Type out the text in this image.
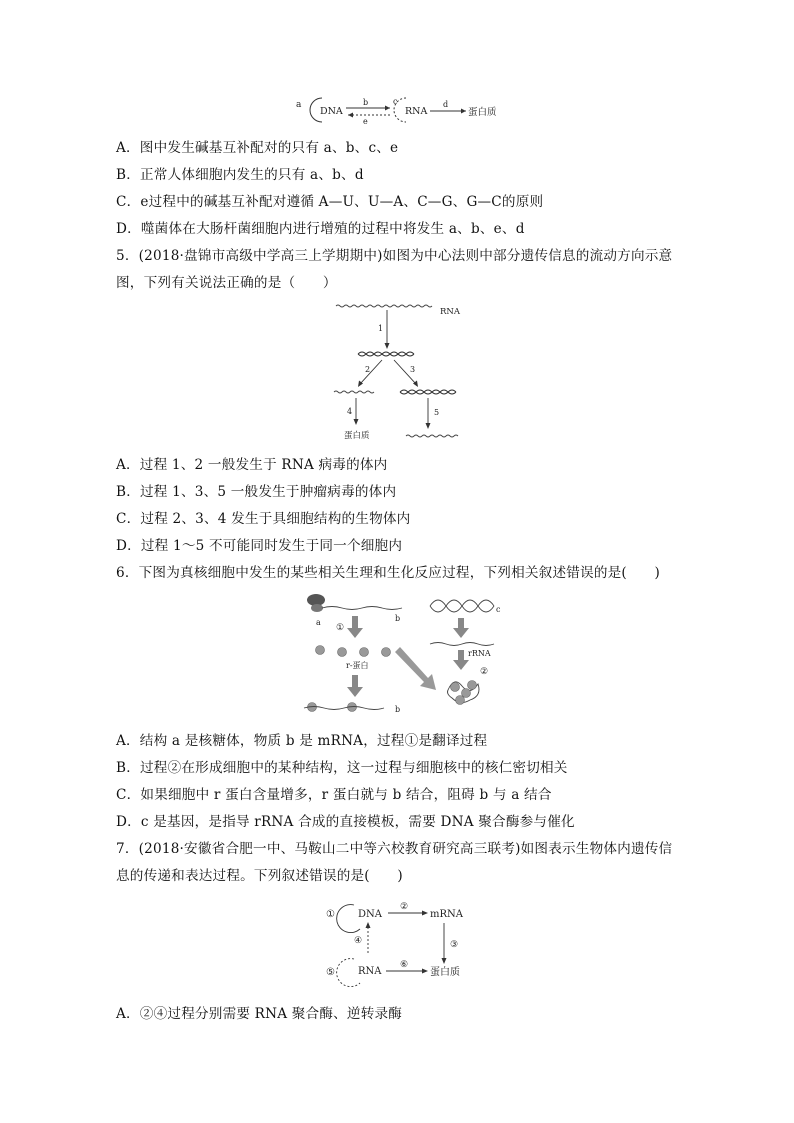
a
DNA
b
e
c
RNA
d
蛋白质
A．图中发生碱基互补配对的只有 a、b、c、e
B．正常人体细胞内发生的只有 a、b、d
C．e过程中的碱基互补配对遵循 A—U、U—A、C—G、G—C的原则
D．噬菌体在大肠杆菌细胞内进行增殖的过程中将发生 a、b、e、d
5．(2018·盘锦市高级中学高三上学期期中)如图为中心法则中部分遗传信息的流动方向示意
图，下列有关说法正确的是（　　）
RNA
1
2	3
4
蛋白质
5
A．过程 1、2 一般发生于 RNA 病毒的体内
B．过程 1、3、5 一般发生于肿瘤病毒的体内
C．过程 2、3、4 发生于具细胞结构的生物体内
D．过程 1～5 不可能同时发生于同一个细胞内
6．下图为真核细胞中发生的某些相关生理和生化反应过程，下列相关叙述错误的是(　　)
a	b
①
r-蛋白
b
c
rRNA
②
A．结构 a 是核糖体，物质 b 是 mRNA，过程①是翻译过程
B．过程②在形成细胞中的某种结构，这一过程与细胞核中的核仁密切相关
C．如果细胞中 r 蛋白含量增多，r 蛋白就与 b 结合，阻碍 b 与 a 结合
D．c 是基因，是指导 rRNA 合成的直接模板，需要 DNA 聚合酶参与催化
7．(2018·安徽省合肥一中、马鞍山二中等六校教育研究高三联考)如图表示生物体内遗传信
息的传递和表达过程。下列叙述错误的是(　　)
① DNA
②
mRNA
③
④
⑤ RNA
⑥
蛋白质
A．②④过程分别需要 RNA 聚合酶、逆转录酶
